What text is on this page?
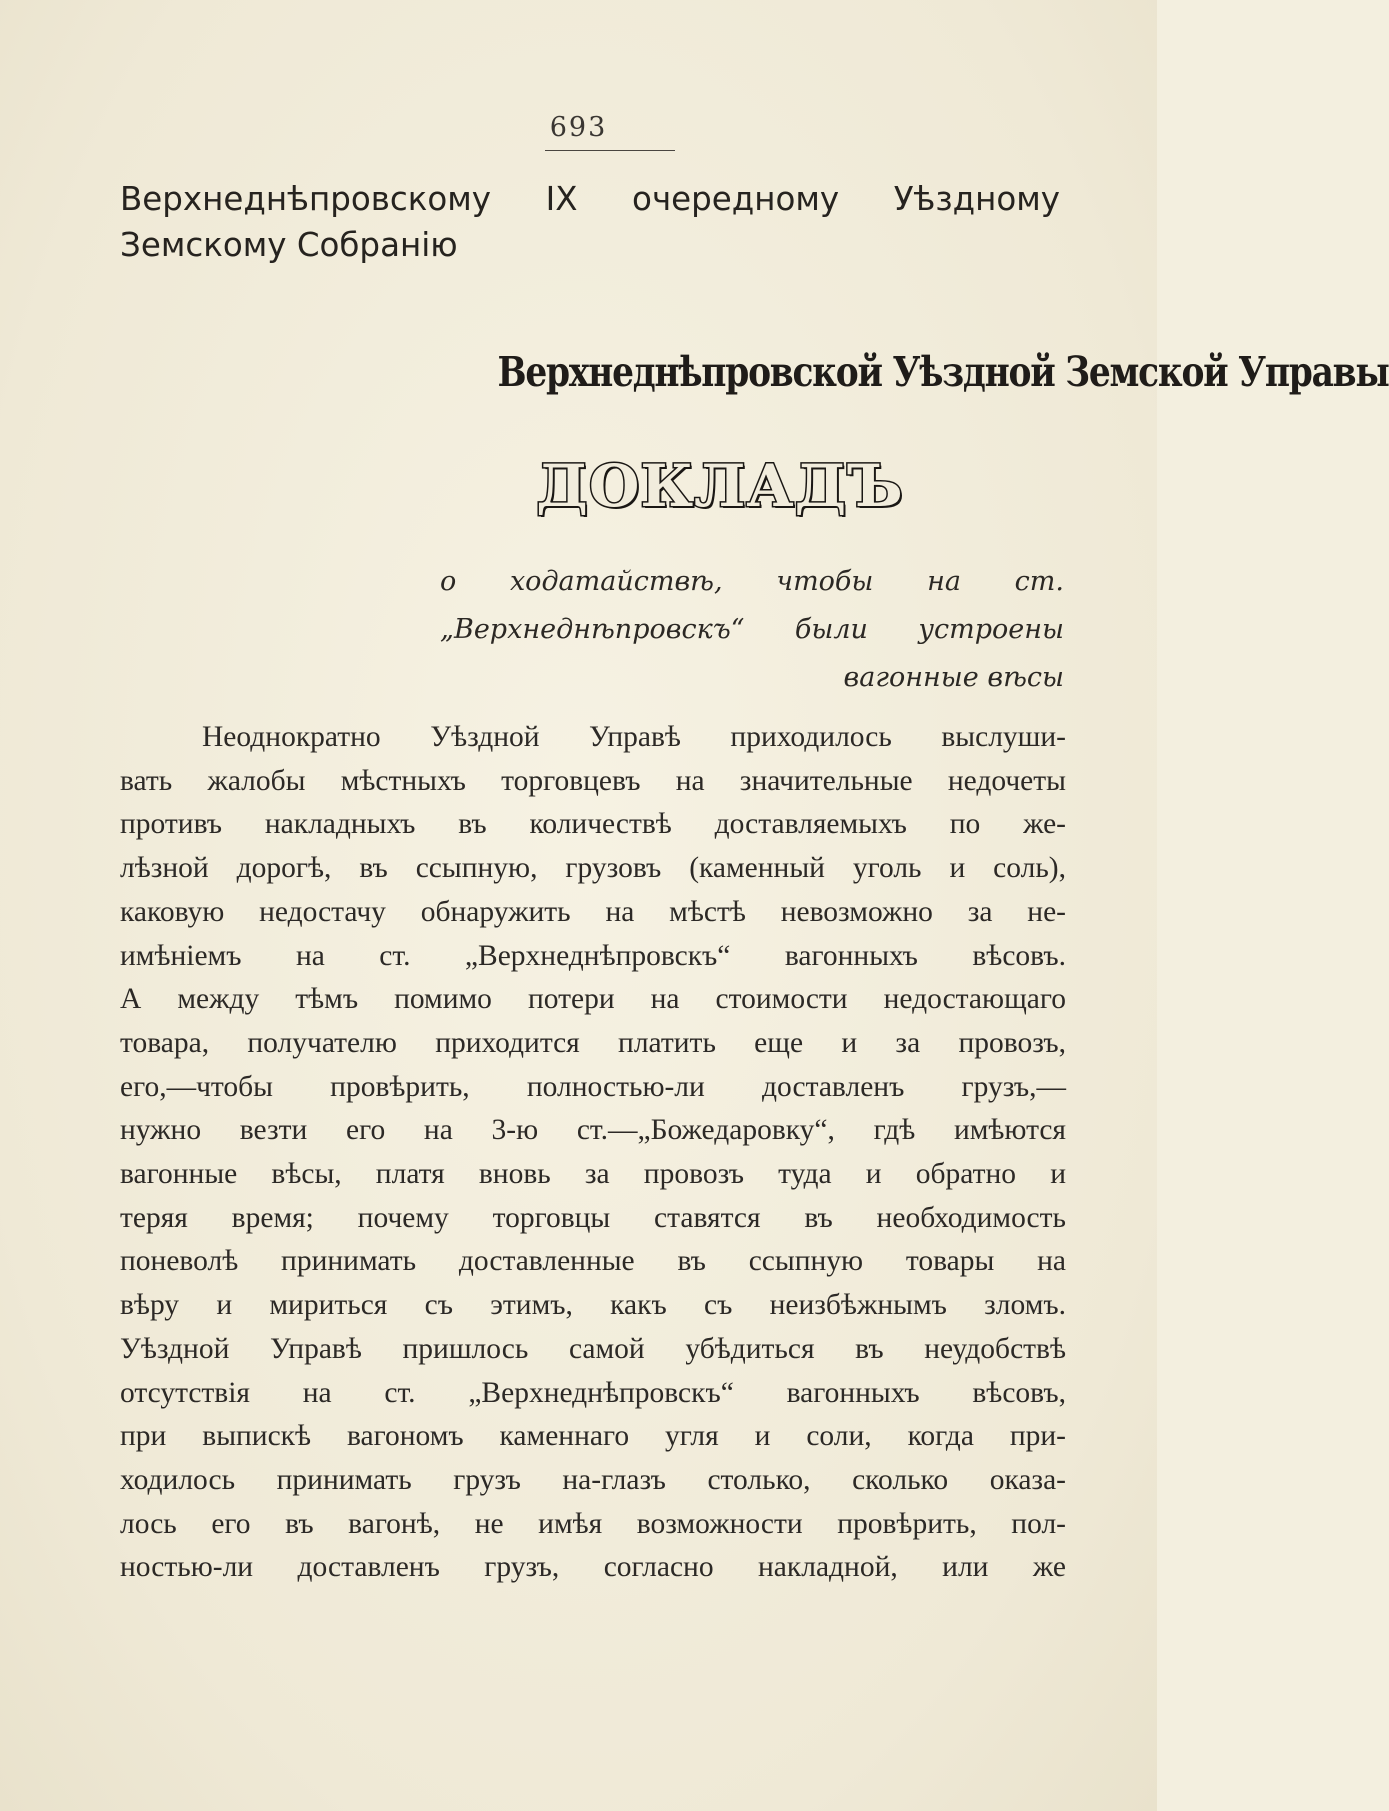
693
Верхнеднѣпровскому IX очередному Уѣздному Земскому Собранію
Верхнеднѣпровской Уѣздной Земской Управы
ДОКЛАДЪ
о ходатайствѣ, чтобы на ст. „Верхнеднѣпровскъ“ были устроены вагонные вѣсы
Неоднократно Уѣздной Управѣ приходилось выслуши-
вать жалобы мѣстныхъ торговцевъ на значительные недочеты
противъ накладныхъ въ количествѣ доставляемыхъ по же-
лѣзной дорогѣ, въ ссыпную, грузовъ (каменный уголь и соль),
каковую недостачу обнаружить на мѣстѣ невозможно за не-
имѣніемъ на ст. „Верхнеднѣпровскъ“ вагонныхъ вѣсовъ.
А между тѣмъ помимо потери на стоимости недостающаго
товара, получателю приходится платить еще и за провозъ,
его,—чтобы провѣрить, полностью-ли доставленъ грузъ,—
нужно везти его на 3-ю ст.—„Божедаровку“, гдѣ имѣются
вагонные вѣсы, платя вновь за провозъ туда и обратно и
теряя время; почему торговцы ставятся въ необходимость
поневолѣ принимать доставленные въ ссыпную товары на
вѣру и мириться съ этимъ, какъ съ неизбѣжнымъ зломъ.
Уѣздной Управѣ пришлось самой убѣдиться въ неудобствѣ
отсутствія на ст. „Верхнеднѣпровскъ“ вагонныхъ вѣсовъ,
при выпискѣ вагономъ каменнаго угля и соли, когда при-
ходилось принимать грузъ на-глазъ столько, сколько оказа-
лось его въ вагонѣ, не имѣя возможности провѣрить, пол-
ностью-ли доставленъ грузъ, согласно накладной, или же
